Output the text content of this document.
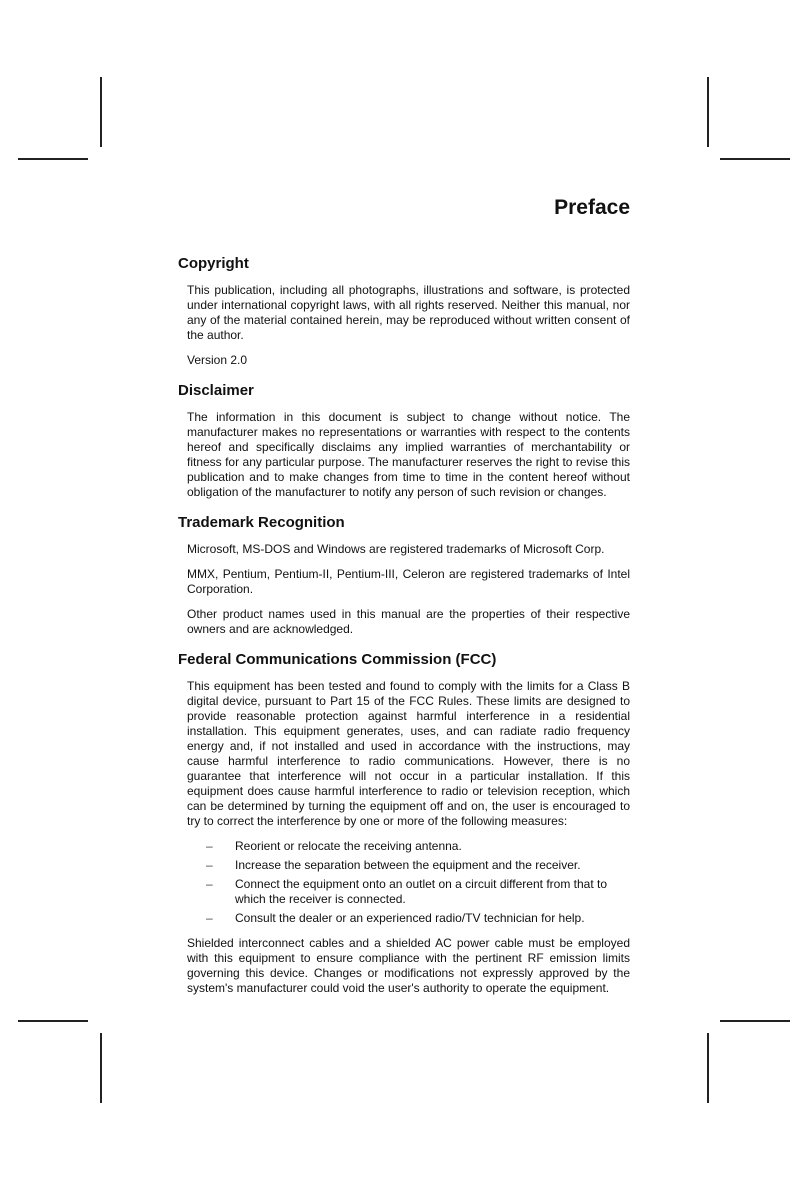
Preface
Copyright

This publication, including all photographs, illustrations and software, is protected under international copyright laws, with all rights reserved. Neither this manual, nor any of the material contained herein, may be reproduced without written consent of the author.

Version 2.0

Disclaimer

The information in this document is subject to change without notice. The manufacturer makes no representations or warranties with respect to the contents hereof and specifically disclaims any implied warranties of merchantability or fitness for any particular purpose. The manufacturer reserves the right to revise this publication and to make changes from time to time in the content hereof without obligation of the manufacturer to notify any person of such revision or changes.

Trademark Recognition

Microsoft, MS-DOS and Windows are registered trademarks of Microsoft Corp.

MMX, Pentium, Pentium-II, Pentium-III, Celeron are registered trademarks of Intel Corporation.

Other product names used in this manual are the properties of their respective owners and are acknowledged.

Federal Communications Commission (FCC)

This equipment has been tested and found to comply with the limits for a Class B digital device, pursuant to Part 15 of the FCC Rules. These limits are designed to provide reasonable protection against harmful interference in a residential installation. This equipment generates, uses, and can radiate radio frequency energy and, if not installed and used in accordance with the instructions, may cause harmful interference to radio communications. However, there is no guarantee that interference will not occur in a particular installation. If this equipment does cause harmful interference to radio or television reception, which can be determined by turning the equipment off and on, the user is encouraged to try to correct the interference by one or more of the following measures:

– Reorient or relocate the receiving antenna.
– Increase the separation between the equipment and the receiver.
– Connect the equipment onto an outlet on a circuit different from that to which the receiver is connected.
– Consult the dealer or an experienced radio/TV technician for help.

Shielded interconnect cables and a shielded AC power cable must be employed with this equipment to ensure compliance with the pertinent RF emission limits governing this device. Changes or modifications not expressly approved by the system's manufacturer could void the user's authority to operate the equipment.
